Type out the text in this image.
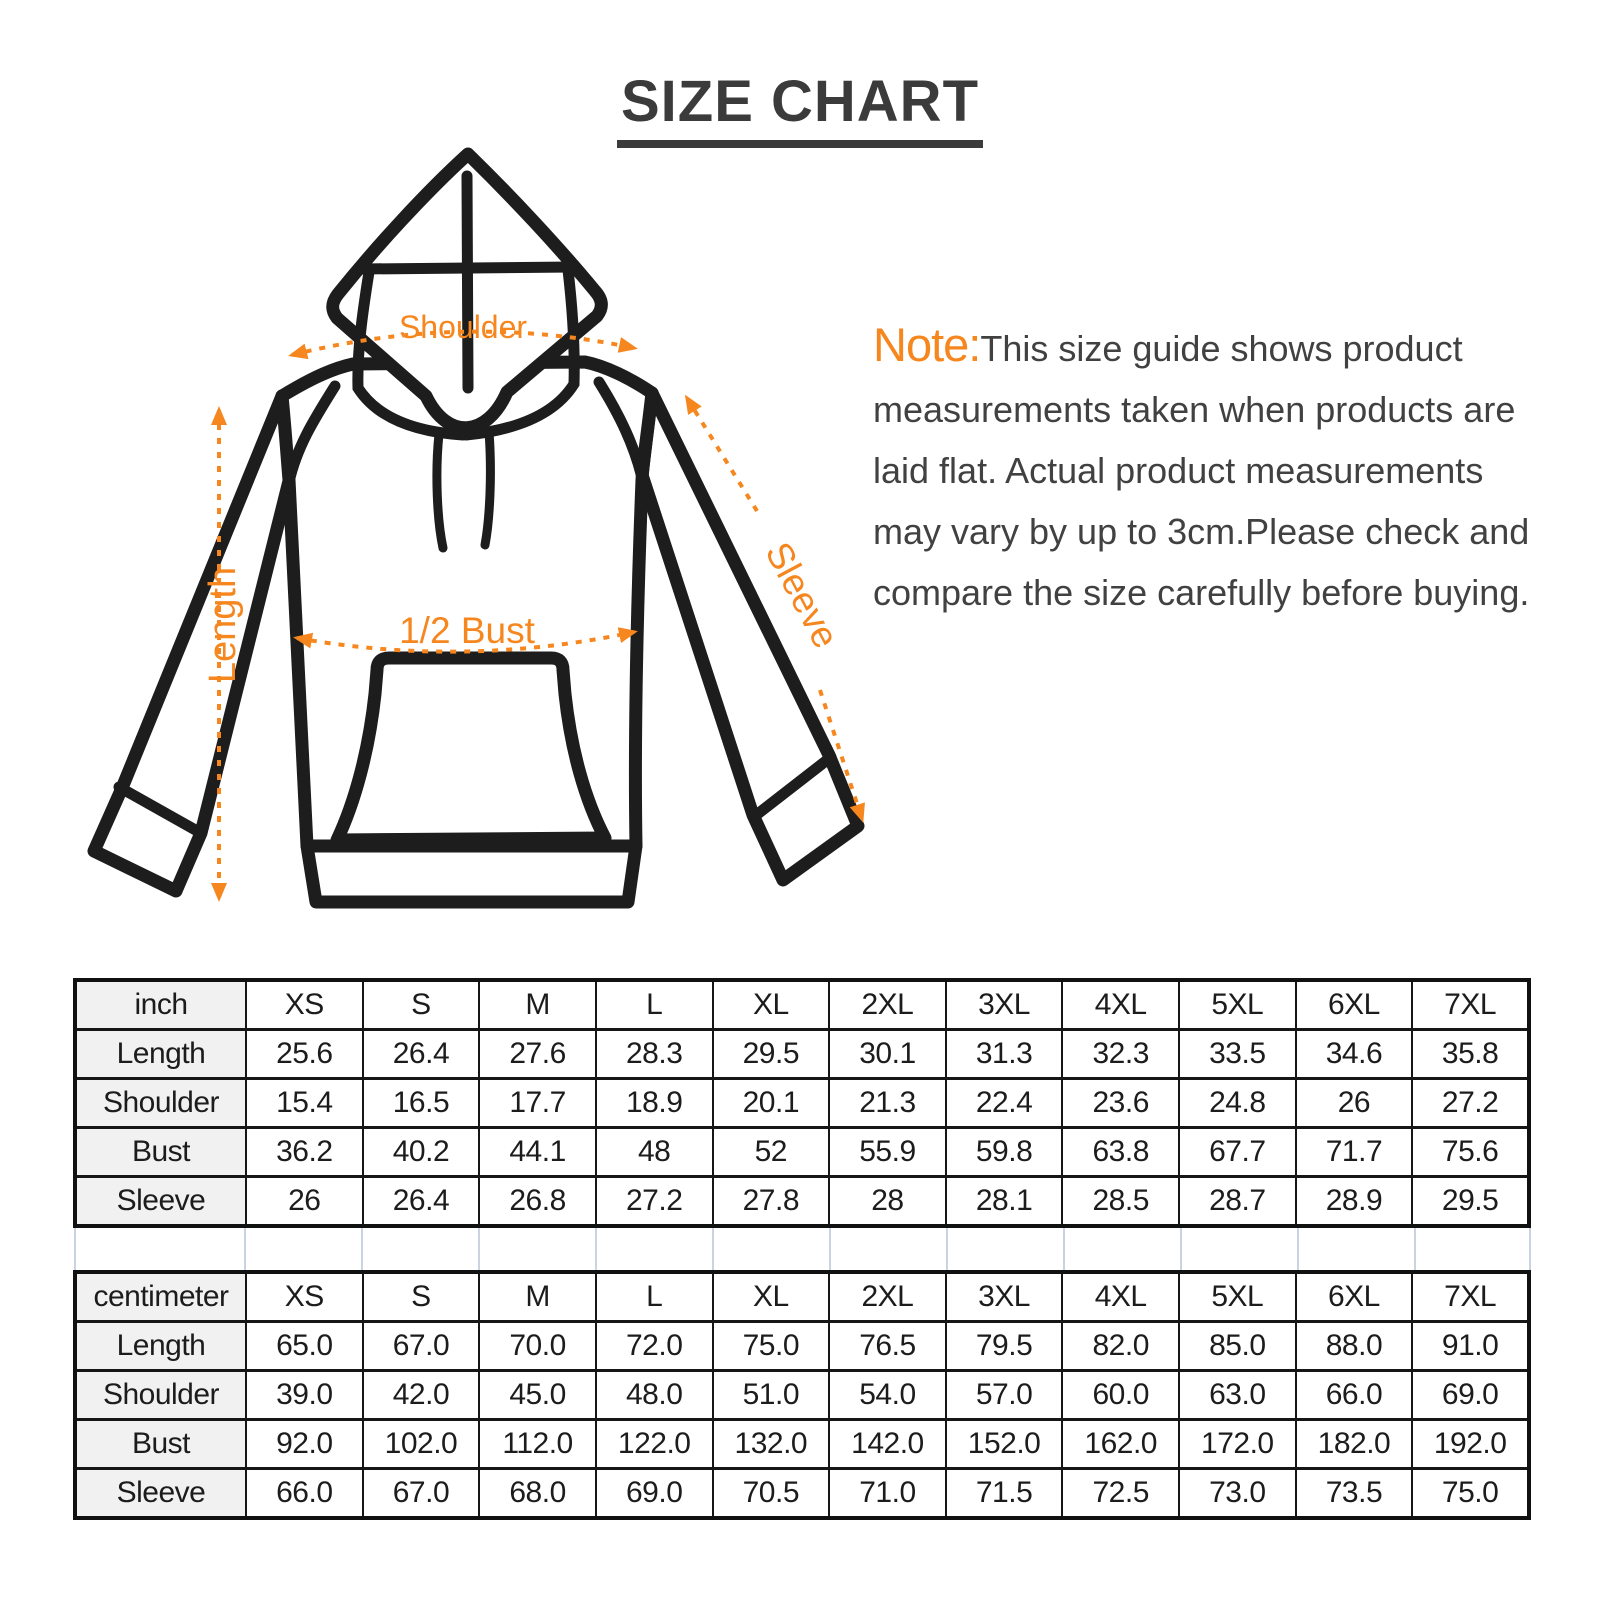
SIZE CHART
Shoulder
Length	1/2 Bust	Sleeve
Note:This size guide shows product
measurements taken when products are
laid flat. Actual product measurements
may vary by up to 3cm.Please check and
compare the size carefully before buying.
inch	XS	S	M	L	XL	2XL	3XL	4XL	5XL	6XL	7XL
Length	25.6	26.4	27.6	28.3	29.5	30.1	31.3	32.3	33.5	34.6	35.8
Shoulder	15.4	16.5	17.7	18.9	20.1	21.3	22.4	23.6	24.8	26	27.2
Bust	36.2	40.2	44.1	48	52	55.9	59.8	63.8	67.7	71.7	75.6
Sleeve	26	26.4	26.8	27.2	27.8	28	28.1	28.5	28.7	28.9	29.5
centimeter	XS	S	M	L	XL	2XL	3XL	4XL	5XL	6XL	7XL
Length	65.0	67.0	70.0	72.0	75.0	76.5	79.5	82.0	85.0	88.0	91.0
Shoulder	39.0	42.0	45.0	48.0	51.0	54.0	57.0	60.0	63.0	66.0	69.0
Bust	92.0	102.0	112.0	122.0	132.0	142.0	152.0	162.0	172.0	182.0	192.0
Sleeve	66.0	67.0	68.0	69.0	70.5	71.0	71.5	72.5	73.0	73.5	75.0
